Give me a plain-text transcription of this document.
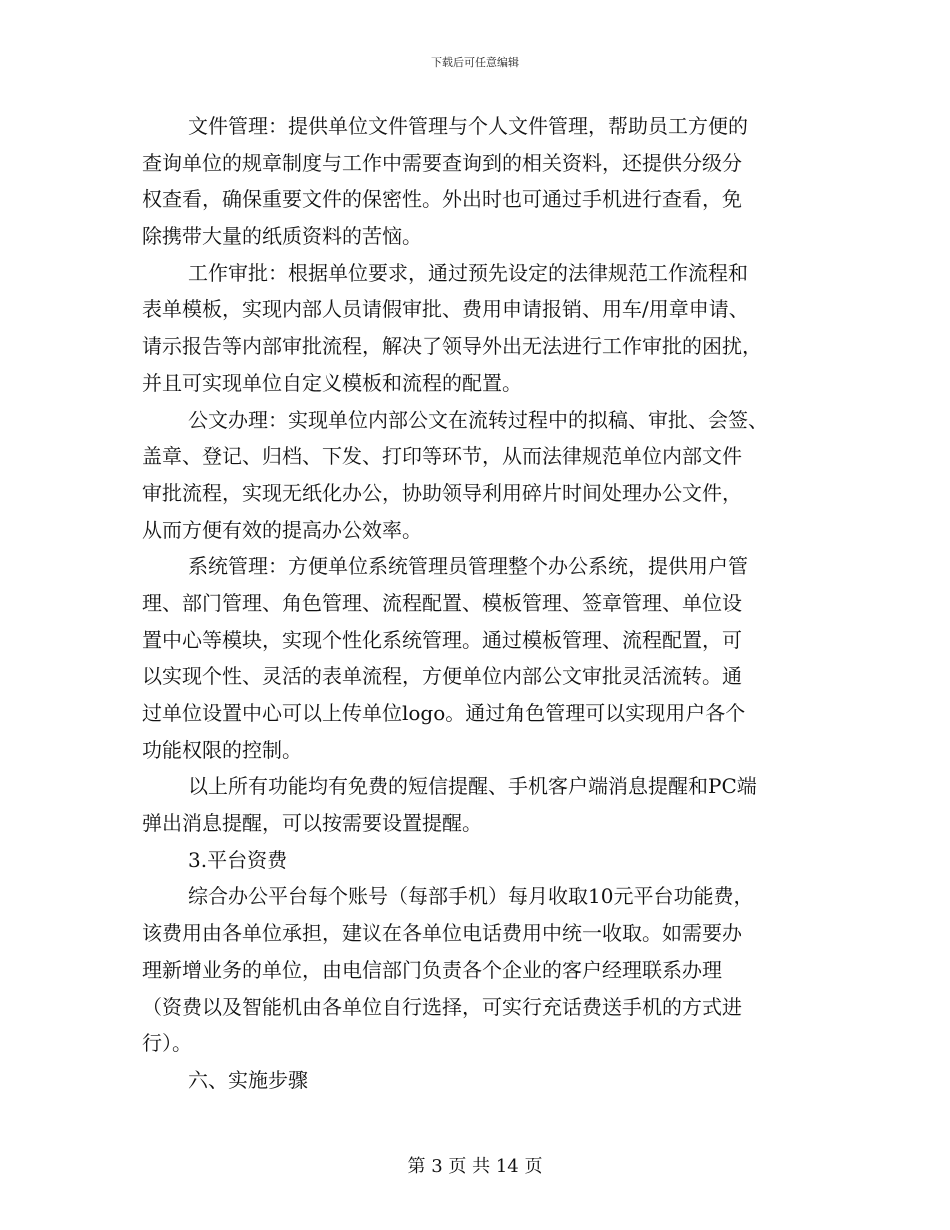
下载后可任意编辑
文件管理：提供单位文件管理与个人文件管理，帮助员工方便的
查询单位的规章制度与工作中需要查询到的相关资料，还提供分级分
权查看，确保重要文件的保密性。外出时也可通过手机进行查看，免
除携带大量的纸质资料的苦恼。
工作审批：根据单位要求，通过预先设定的法律规范工作流程和
表单模板，实现内部人员请假审批、费用申请报销、用车/用章申请、
请示报告等内部审批流程，解决了领导外出无法进行工作审批的困扰，
并且可实现单位自定义模板和流程的配置。
公文办理：实现单位内部公文在流转过程中的拟稿、审批、会签、
盖章、登记、归档、下发、打印等环节，从而法律规范单位内部文件
审批流程，实现无纸化办公，协助领导利用碎片时间处理办公文件，
从而方便有效的提高办公效率。
系统管理：方便单位系统管理员管理整个办公系统，提供用户管
理、部门管理、角色管理、流程配置、模板管理、签章管理、单位设
置中心等模块，实现个性化系统管理。通过模板管理、流程配置，可
以实现个性、灵活的表单流程，方便单位内部公文审批灵活流转。通
过单位设置中心可以上传单位logo。通过角色管理可以实现用户各个
功能权限的控制。
以上所有功能均有免费的短信提醒、手机客户端消息提醒和PC端
弹出消息提醒，可以按需要设置提醒。
3.平台资费
综合办公平台每个账号（每部手机）每月收取10元平台功能费，
该费用由各单位承担，建议在各单位电话费用中统一收取。如需要办
理新增业务的单位，由电信部门负责各个企业的客户经理联系办理
（资费以及智能机由各单位自行选择，可实行充话费送手机的方式进
行）。
六、实施步骤
第 3 页 共 14 页
